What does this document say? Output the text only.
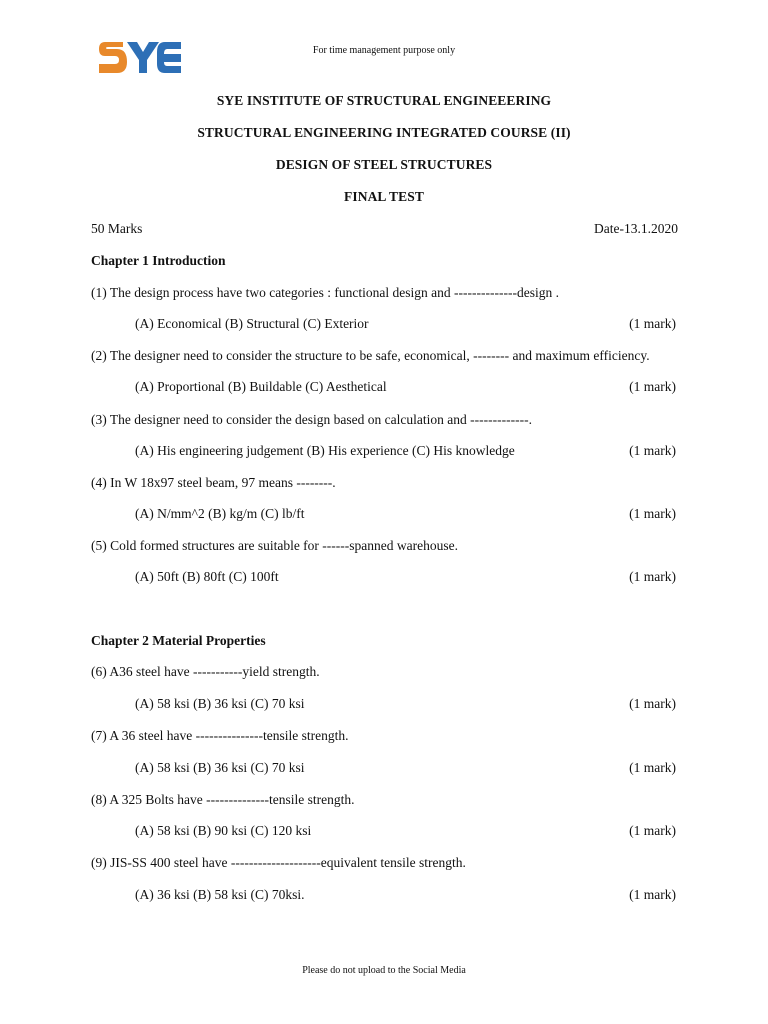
For time management purpose only
SYE INSTITUTE OF STRUCTURAL ENGINEEERING
STRUCTURAL ENGINEERING INTEGRATED COURSE (II)
DESIGN OF STEEL STRUCTURES
FINAL TEST
50 Marks	Date-13.1.2020
Chapter 1 Introduction
(1) The design process have two categories : functional design and --------------design .
(A) Economical (B) Structural (C) Exterior	(1 mark)
(2) The designer need to consider the structure to be safe, economical, -------- and maximum efficiency.
(A) Proportional (B) Buildable (C) Aesthetical	(1 mark)
(3) The designer need to consider the design based on calculation and -------------.
(A) His engineering judgement (B) His experience (C) His knowledge	(1 mark)
(4) In W 18x97 steel beam, 97 means --------.
(A) N/mm^2 (B) kg/m (C) lb/ft	(1 mark)
(5) Cold formed structures are suitable for ------spanned warehouse.
(A) 50ft (B) 80ft (C) 100ft	(1 mark)
Chapter 2 Material Properties
(6) A36 steel have -----------yield strength.
(A) 58 ksi (B) 36 ksi (C) 70 ksi	(1 mark)
(7) A 36 steel have ---------------tensile strength.
(A) 58 ksi (B) 36 ksi (C) 70 ksi	(1 mark)
(8) A 325 Bolts have --------------tensile strength.
(A) 58 ksi (B) 90 ksi (C) 120 ksi	(1 mark)
(9) JIS-SS 400 steel have --------------------equivalent tensile strength.
(A) 36 ksi (B) 58 ksi (C) 70ksi.	(1 mark)
Please do not upload to the Social Media
